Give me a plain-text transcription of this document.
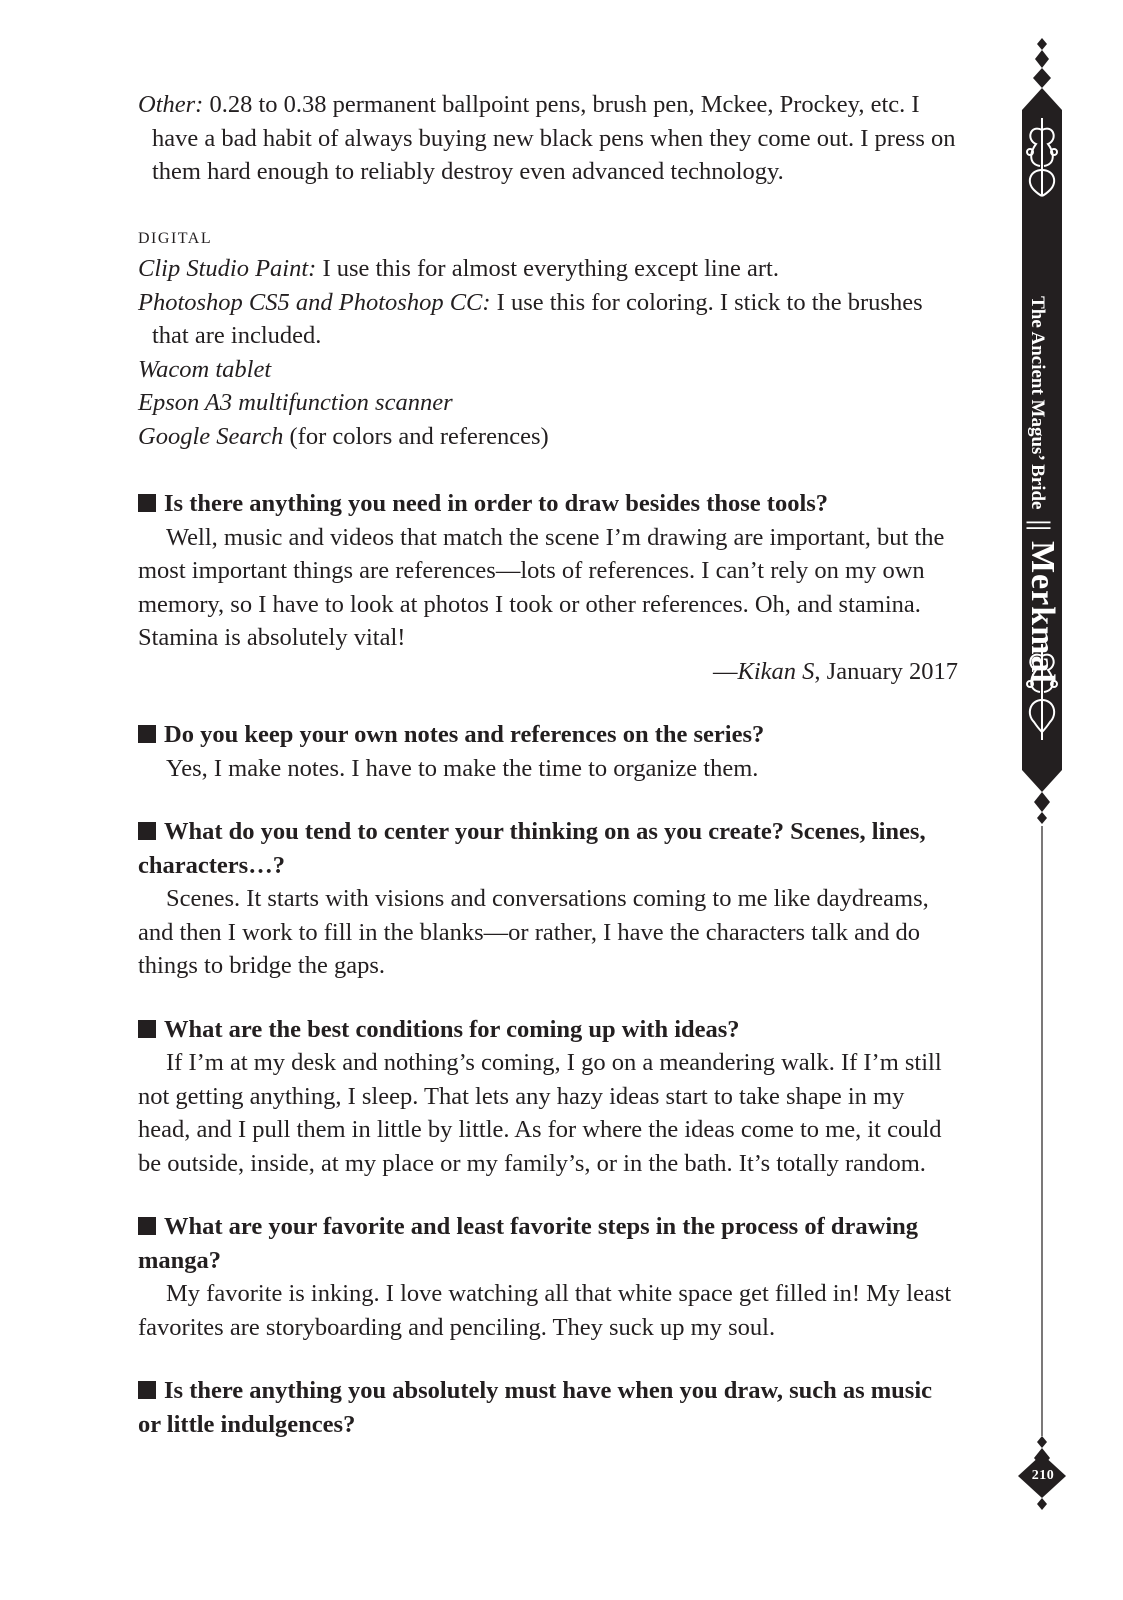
Other: 0.28 to 0.38 permanent ballpoint pens, brush pen, Mckee, Prockey, etc. I have a bad habit of always buying new black pens when they come out. I press on them hard enough to reliably destroy even advanced technology.

digital

Clip Studio Paint: I use this for almost everything except line art.

Photoshop CS5 and Photoshop CC: I use this for coloring. I stick to the brushes that are included.

Wacom tablet

Epson A3 multifunction scanner

Google Search (for colors and references)

Is there anything you need in order to draw besides those tools?

Well, music and videos that match the scene I’m drawing are important, but the most important things are references—lots of references. I can’t rely on my own memory, so I have to look at photos I took or other references. Oh, and stamina. Stamina is absolutely vital!

—Kikan S, January 2017

Do you keep your own notes and references on the series?

Yes, I make notes. I have to make the time to organize them.

What do you tend to center your thinking on as you create? Scenes, lines, characters…?

Scenes. It starts with visions and conversations coming to me like daydreams, and then I work to fill in the blanks—or rather, I have the characters talk and do things to bridge the gaps.

What are the best conditions for coming up with ideas?

If I’m at my desk and nothing’s coming, I go on a meandering walk. If I’m still not getting anything, I sleep. That lets any hazy ideas start to take shape in my head, and I pull them in little by little. As for where the ideas come to me, it could be outside, inside, at my place or my family’s, or in the bath. It’s totally random.

What are your favorite and least favorite steps in the process of drawing manga?

My favorite is inking. I love watching all that white space get filled in! My least favorites are storyboarding and penciling. They suck up my soul.

Is there anything you absolutely must have when you draw, such as music or little indulgences?

The Ancient Magus’ Bride||Merkmal
210
